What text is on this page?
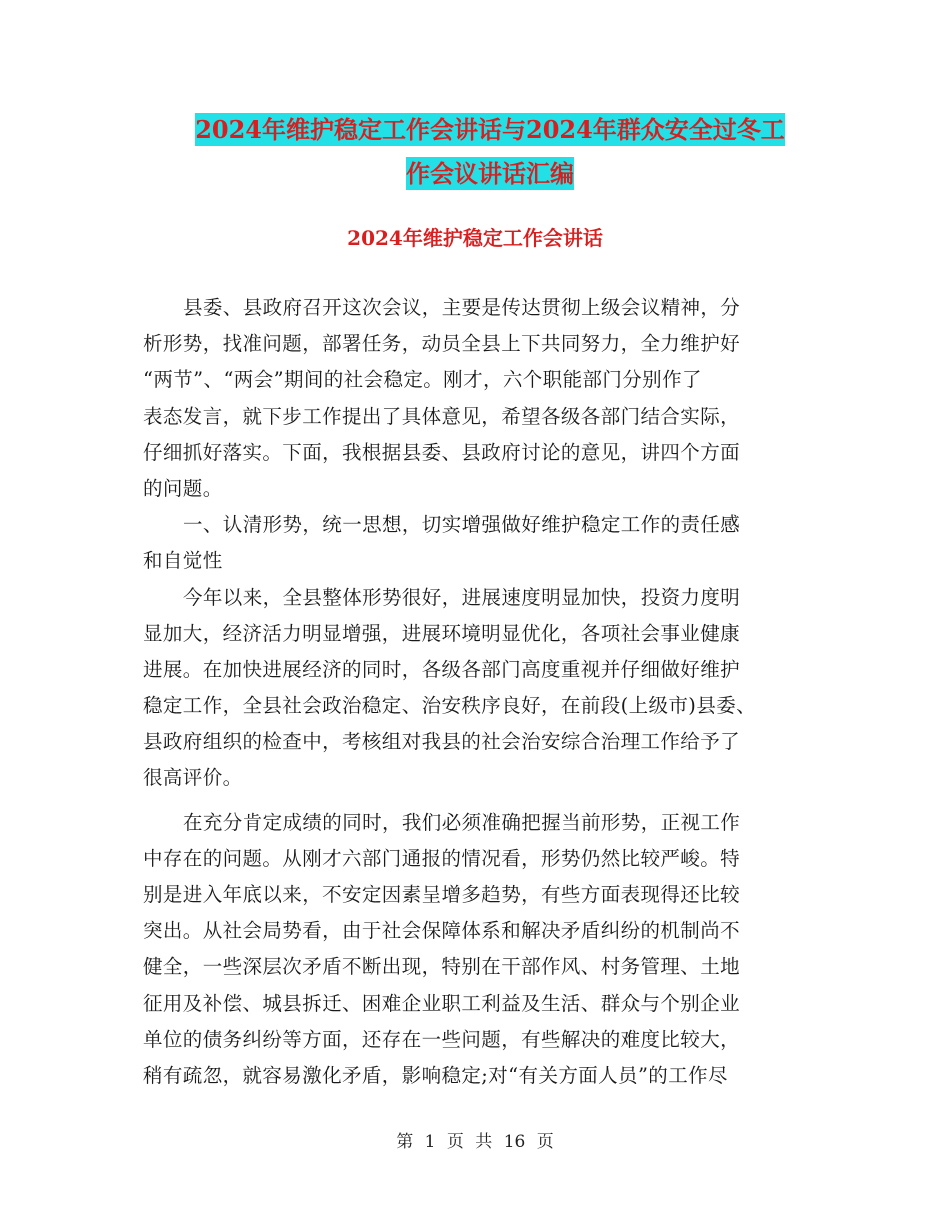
2024年维护稳定工作会讲话与2024年群众安全过冬工
作会议讲话汇编
2024年维护稳定工作会讲话
县委、县政府召开这次会议，主要是传达贯彻上级会议精神，分
析形势，找准问题，部署任务，动员全县上下共同努力，全力维护好
“两节”、“两会”期间的社会稳定。刚才，六个职能部门分别作了
表态发言，就下步工作提出了具体意见，希望各级各部门结合实际，
仔细抓好落实。下面，我根据县委、县政府讨论的意见，讲四个方面
的问题。
一、认清形势，统一思想，切实增强做好维护稳定工作的责任感
和自觉性
今年以来，全县整体形势很好，进展速度明显加快，投资力度明
显加大，经济活力明显增强，进展环境明显优化，各项社会事业健康
进展。在加快进展经济的同时，各级各部门高度重视并仔细做好维护
稳定工作，全县社会政治稳定、治安秩序良好，在前段(上级市)县委、
县政府组织的检查中，考核组对我县的社会治安综合治理工作给予了
很高评价。
在充分肯定成绩的同时，我们必须准确把握当前形势，正视工作
中存在的问题。从刚才六部门通报的情况看，形势仍然比较严峻。特
别是进入年底以来，不安定因素呈增多趋势，有些方面表现得还比较
突出。从社会局势看，由于社会保障体系和解决矛盾纠纷的机制尚不
健全，一些深层次矛盾不断出现，特别在干部作风、村务管理、土地
征用及补偿、城县拆迁、困难企业职工利益及生活、群众与个别企业
单位的债务纠纷等方面，还存在一些问题，有些解决的难度比较大，
稍有疏忽，就容易激化矛盾，影响稳定;对“有关方面人员”的工作尽
第 1 页 共 16 页
